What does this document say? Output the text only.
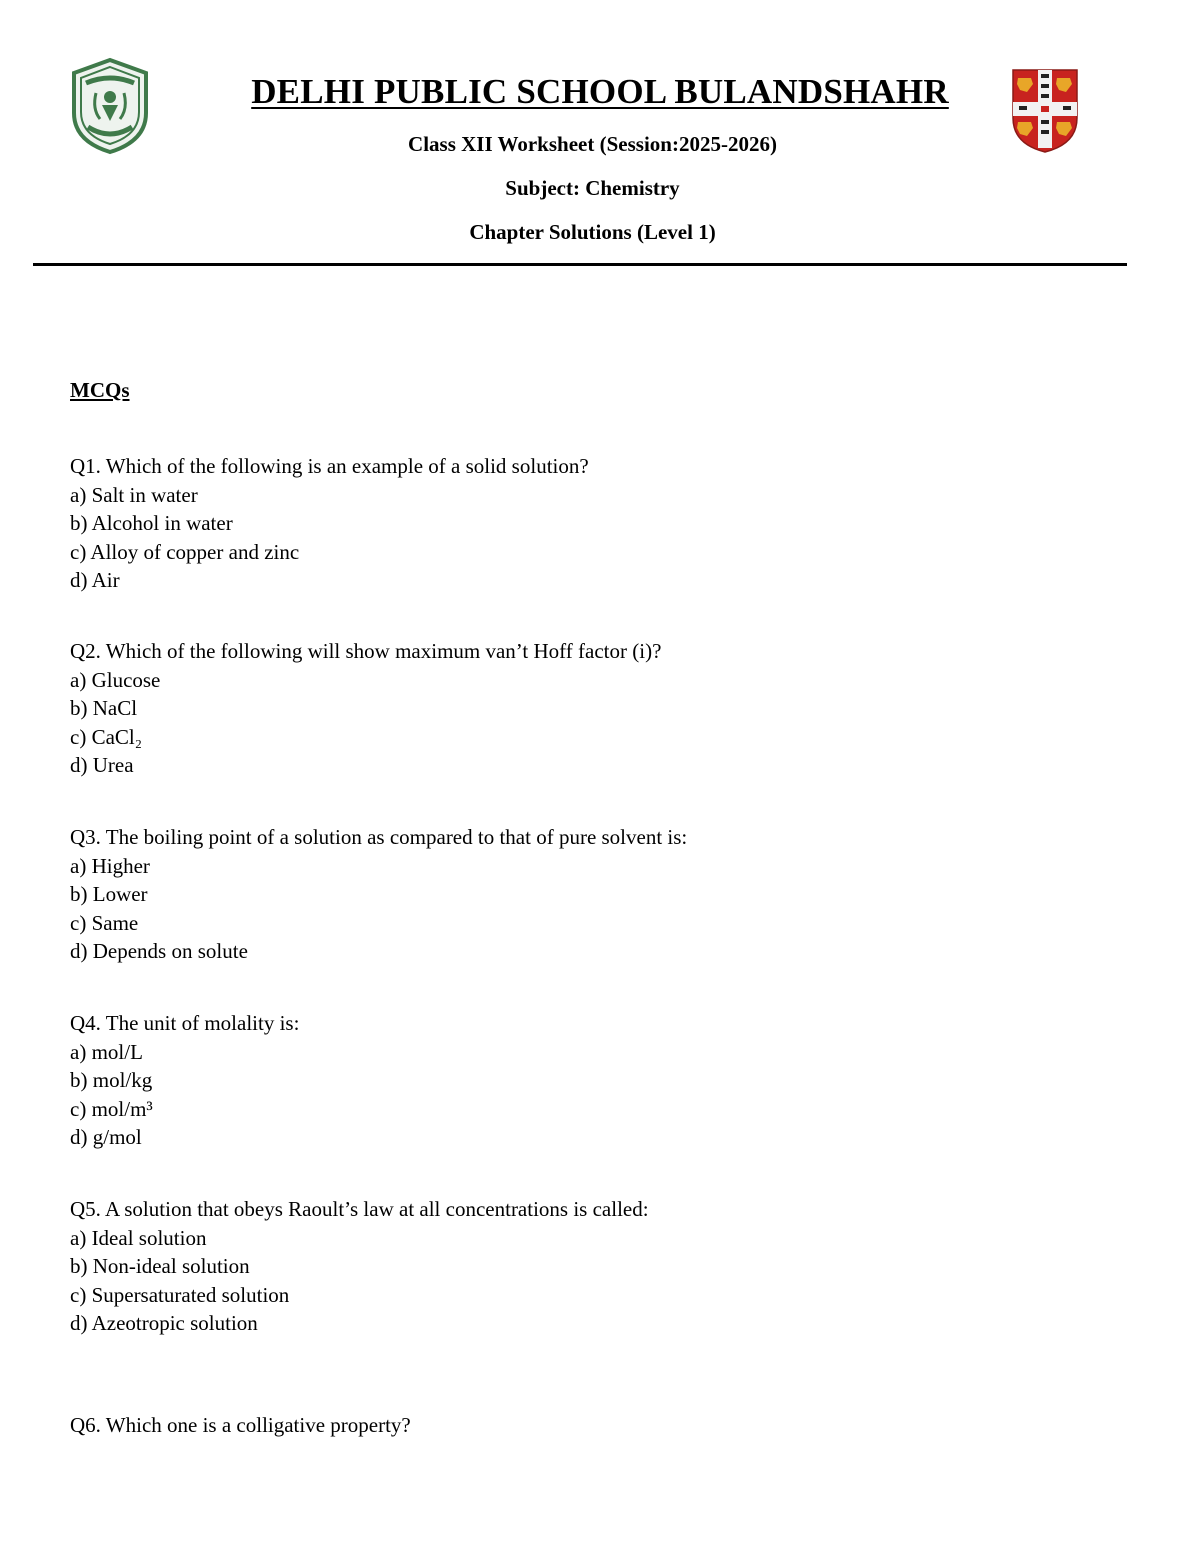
DELHI PUBLIC SCHOOL BULANDSHAHR
Class XII Worksheet (Session:2025-2026)
Subject: Chemistry
Chapter Solutions (Level 1)
MCQs
Q1. Which of the following is an example of a solid solution?
a) Salt in water
b) Alcohol in water
c) Alloy of copper and zinc
d) Air
Q2. Which of the following will show maximum van’t Hoff factor (i)?
a) Glucose
b) NaCl
c) CaCl₂
d) Urea
Q3. The boiling point of a solution as compared to that of pure solvent is:
a) Higher
b) Lower
c) Same
d) Depends on solute
Q4. The unit of molality is:
a) mol/L
b) mol/kg
c) mol/m³
d) g/mol
Q5. A solution that obeys Raoult’s law at all concentrations is called:
a) Ideal solution
b) Non-ideal solution
c) Supersaturated solution
d) Azeotropic solution
Q6. Which one is a colligative property?
